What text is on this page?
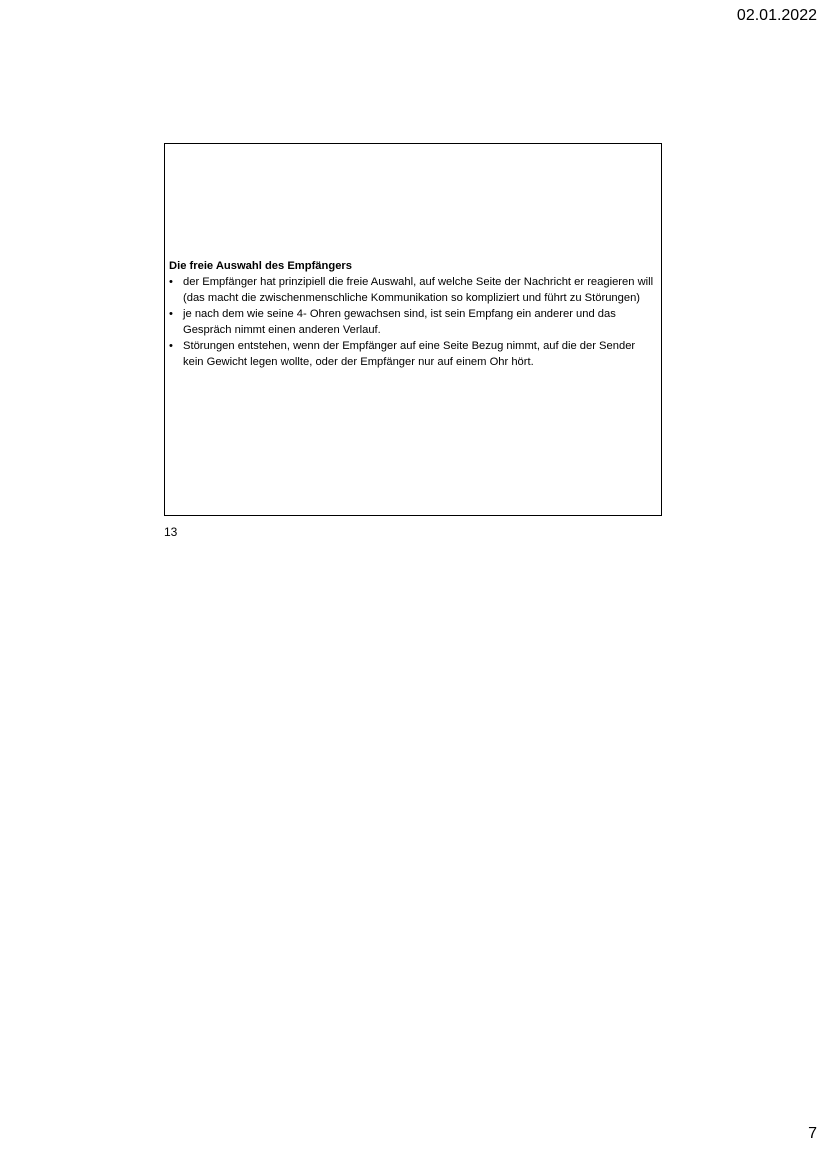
02.01.2022

Die freie Auswahl des Empfängers

• der Empfänger hat prinzipiell die freie Auswahl, auf welche Seite der Nachricht er reagieren will (das macht die zwischenmenschliche Kommunikation so kompliziert und führt zu Störungen)
• je nach dem wie seine 4- Ohren gewachsen sind, ist sein Empfang ein anderer und das Gespräch nimmt einen anderen Verlauf.
• Störungen entstehen, wenn der Empfänger auf eine Seite Bezug nimmt, auf die der Sender kein Gewicht legen wollte, oder der Empfänger nur auf einem Ohr hört.
13
7
